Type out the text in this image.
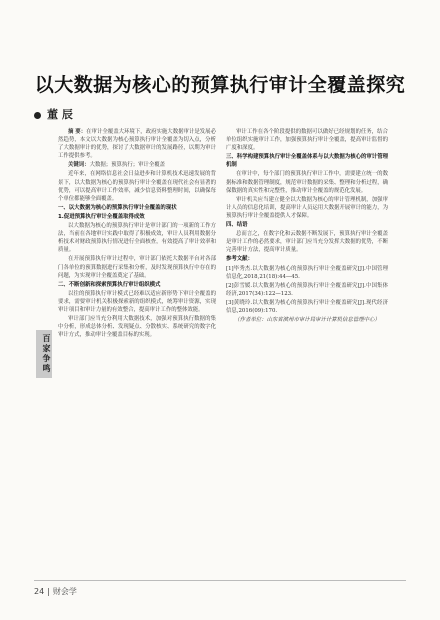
以大数据为核心的预算执行审计全覆盖探究
董 辰
百家争鸣

摘 要：在审计全覆盖大环境下，政府实施大数据审计是发展必然趋势，本文以大数据为核心预算执行审计全覆盖为切入点，分析了大数据审计的优势，探讨了大数据审计的发展路径，以期为审计工作提供参考。

关键词：大数据；预算执行；审计全覆盖

近年来，在网络信息社会日益进步和计算机技术迅速发展的背景下，以大数据为核心的预算执行审计全覆盖在现代社会有显著的优势，可以提高审计工作效率，减少信息资料整理时间，以确保每个单位都能够全面覆盖。

一、以大数据为核心的预算执行审计全覆盖的现状

1.促进预算执行审计全覆盖取得成效

以大数据为核心的预算执行审计是审计部门的一项新的工作方法，当前在各地审计实践中取得了积极成效，审计人员利用数据分析技术对财政预算执行情况进行全面核查，有效提高了审计效率和质量。

在开展预算执行审计过程中，审计部门依托大数据平台对各部门各单位的预算数据进行采集和分析，及时发现预算执行中存在的问题，为实现审计全覆盖奠定了基础。

二、不断创新和探索预算执行审计组织模式

以往的预算执行审计模式已经难以适应新形势下审计全覆盖的要求，需要审计机关积极探索新的组织模式，统筹审计资源，实现审计项目和审计力量的有效整合，提高审计工作的整体效能。

审计部门应当充分利用大数据技术，加强对预算执行数据的集中分析，形成总体分析、发现疑点、分散核实、系统研究的数字化审计方式，推动审计全覆盖目标的实现。

审计工作在各个阶段提供的数据可以做好已经规划的任务，结合单位组织实施审计工作，加强预算执行审计全覆盖，提高审计监督的广度和深度。

三、科学构建预算执行审计全覆盖体系与以大数据为核心的审计管理机制

在审计中，每个部门的预算执行审计工作中，需要建立统一的数据标准和数据管理制度，规范审计数据的采集、整理和分析过程，确保数据的真实性和完整性，推动审计全覆盖的规范化发展。

审计机关应当建立健全以大数据为核心的审计管理机制，加强审计人员的信息化培训，提高审计人员运用大数据开展审计的能力，为预算执行审计全覆盖提供人才保障。

四、结语

总而言之，在数字化和云数据不断发展下，预算执行审计全覆盖是审计工作的必然要求，审计部门应当充分发挥大数据的优势，不断完善审计方法，提高审计质量。

参考文献：

[1]毕秀杰.以大数据为核心的预算执行审计全覆盖研究[J].中国管理信息化,2018,21(18):44—45.

[2]彭雪媛.以大数据为核心的预算执行审计全覆盖研究[J].中国集体经济,2017(34):122—123.

[3]黄晓玲.以大数据为核心的预算执行审计全覆盖研究[J].现代经济信息,2016(09):170.

（作者单位：山东省滨州市审计局审计计算机信息管理中心）

24 | 财会学
